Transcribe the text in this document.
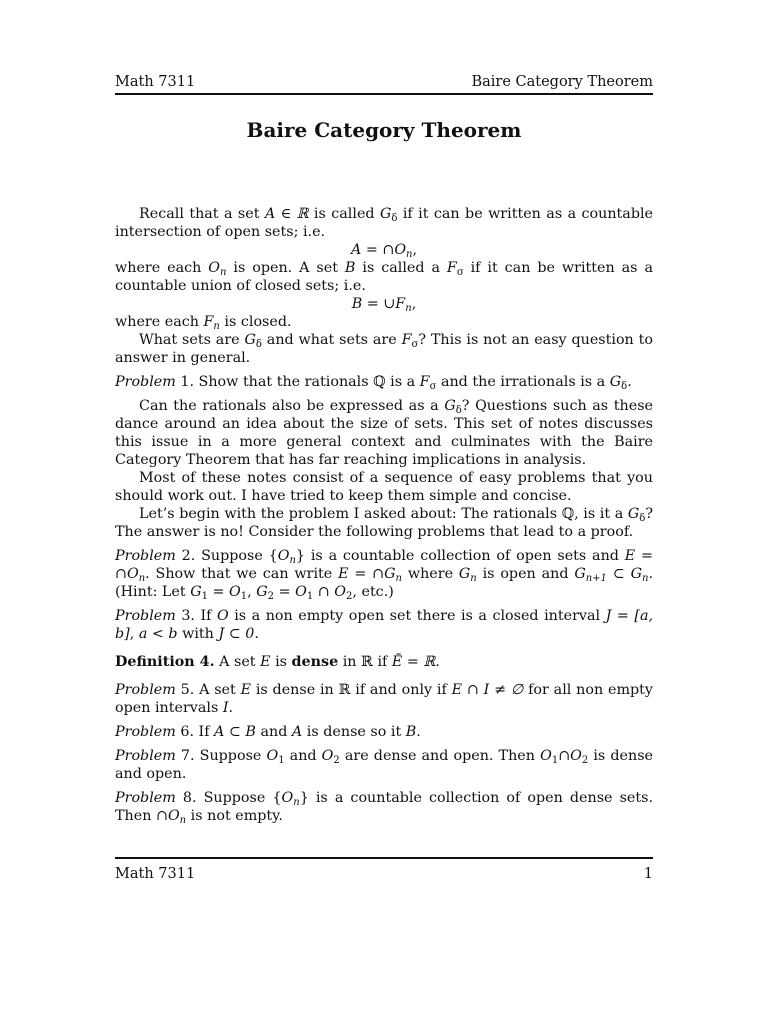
Math 7311	Baire Category Theorem
Baire Category Theorem

Recall that a set A ∈ ℝ is called $G_\delta$ if it can be written as a countable intersection of open sets; i.e.

$A = \cap O_n$,

where each $O_n$ is open. A set B is called a $F_\sigma$ if it can be written as a countable union of closed sets; i.e.

$B = \cup F_n$,

where each $F_n$ is closed.

What sets are $G_\delta$ and what sets are $F_\sigma$? This is not an easy question to answer in general.

Problem 1. Show that the rationals ℚ is a $F_\sigma$ and the irrationals is a $G_\delta$.

Can the rationals also be expressed as a $G_\delta$? Questions such as these dance around an idea about the size of sets. This set of notes discusses this issue in a more general context and culminates with the Baire Category Theorem that has far reaching implications in analysis.

Most of these notes consist of a sequence of easy problems that you should work out. I have tried to keep them simple and concise.

Let’s begin with the problem I asked about: The rationals ℚ, is it a $G_\delta$? The answer is no! Consider the following problems that lead to a proof.

Problem 2. Suppose $\{O_n\}$ is a countable collection of open sets and $E = \cap O_n$. Show that we can write $E = \cap G_n$ where $G_n$ is open and $G_{n+1}$ ⊂ $G_n$. (Hint: Let $G_1 = O_1$, $G_2 = O_1$ ∩ $O_2$, etc.)

Problem 3. If O is a non empty open set there is a closed interval J = [a, b], a < b with J ⊂ 0.

Definition 4. A set E is dense in ℝ if Ē = ℝ.

Problem 5. A set E is dense in ℝ if and only if E ∩ I ≠ ∅ for all non empty open intervals I.

Problem 6. If A ⊂ B and A is dense so it B.

Problem 7. Suppose $O_1$ and $O_2$ are dense and open. Then $O_1\cap O_2$ is dense and open.

Problem 8. Suppose $\{O_n\}$ is a countable collection of open dense sets. Then $\cap O_n$ is not empty.

Math 7311	1
